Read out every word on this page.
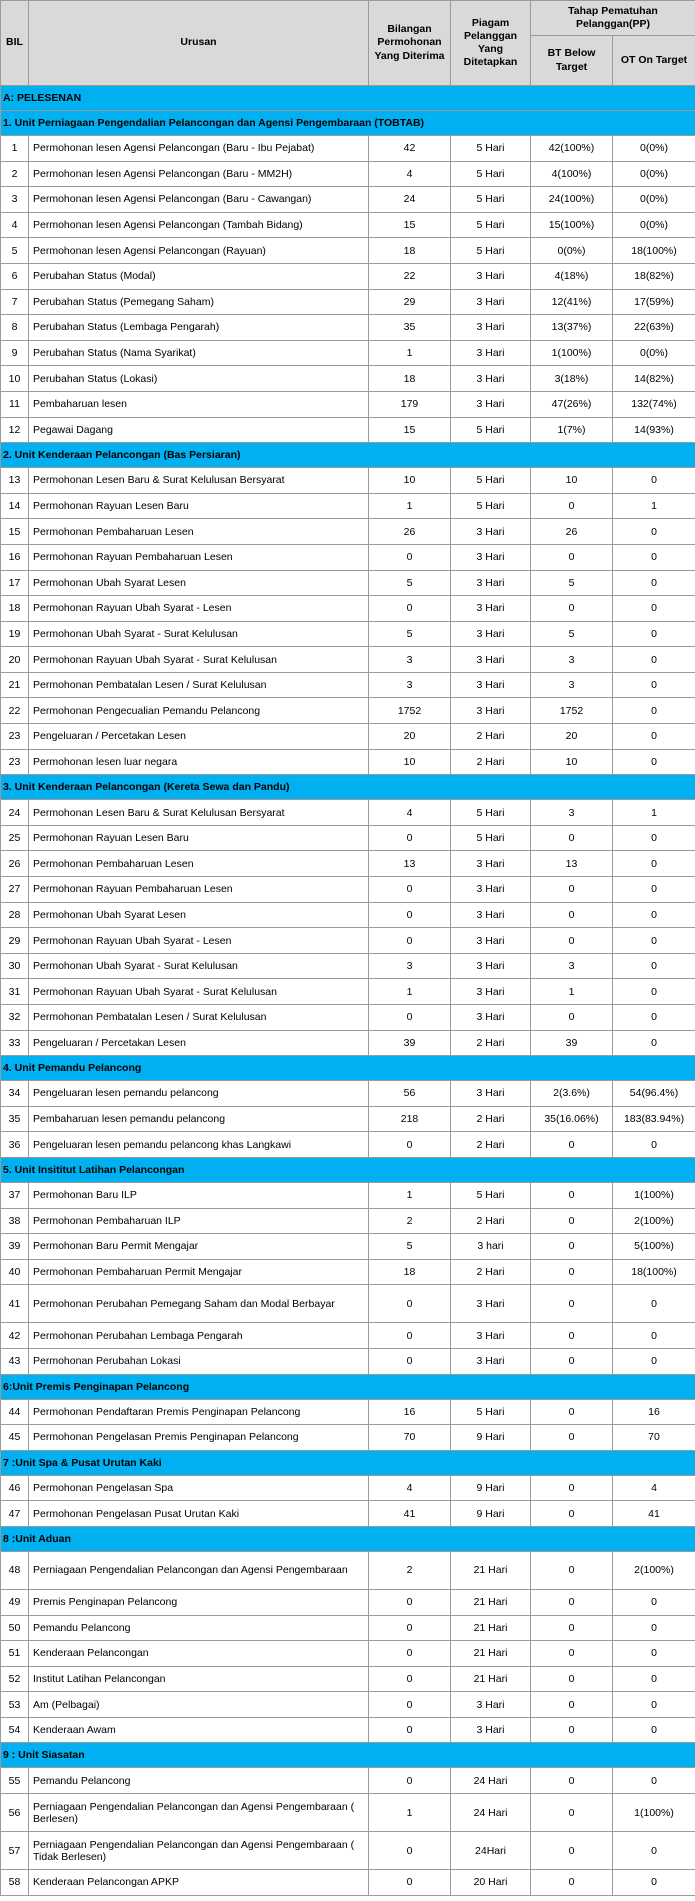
BIL	Urusan	Bilangan Permohonan Yang Diterima	Piagam Pelanggan Yang Ditetapkan	Tahap Pematuhan Pelanggan(PP)	
				BT Below Target	OT On Target
A: PELESENAN					
1. Unit Perniagaan Pengendalian Pelancongan dan Agensi Pengembaraan (TOBTAB)					
1	Permohonan lesen Agensi Pelancongan (Baru - Ibu Pejabat)	42	5 Hari	42(100%)	0(0%)
2	Permohonan lesen Agensi Pelancongan (Baru - MM2H)	4	5 Hari	4(100%)	0(0%)
3	Permohonan lesen Agensi Pelancongan (Baru - Cawangan)	24	5 Hari	24(100%)	0(0%)
4	Permohonan lesen Agensi Pelancongan (Tambah Bidang)	15	5 Hari	15(100%)	0(0%)
5	Permohonan lesen Agensi Pelancongan (Rayuan)	18	5 Hari	0(0%)	18(100%)
6	Perubahan Status (Modal)	22	3 Hari	4(18%)	18(82%)
7	Perubahan Status (Pemegang Saham)	29	3 Hari	12(41%)	17(59%)
8	Perubahan Status (Lembaga Pengarah)	35	3 Hari	13(37%)	22(63%)
9	Perubahan Status (Nama Syarikat)	1	3 Hari	1(100%)	0(0%)
10	Perubahan Status (Lokasi)	18	3 Hari	3(18%)	14(82%)
11	Pembaharuan lesen	179	3 Hari	47(26%)	132(74%)
12	Pegawai Dagang	15	5 Hari	1(7%)	14(93%)
2. Unit Kenderaan Pelancongan (Bas Persiaran)					
13	Permohonan Lesen Baru & Surat Kelulusan Bersyarat	10	5 Hari	10	0
14	Permohonan Rayuan Lesen Baru	1	5 Hari	0	1
15	Permohonan Pembaharuan Lesen	26	3 Hari	26	0
16	Permohonan Rayuan Pembaharuan Lesen	0	3 Hari	0	0
17	Permohonan Ubah Syarat Lesen	5	3 Hari	5	0
18	Permohonan Rayuan Ubah Syarat - Lesen	0	3 Hari	0	0
19	Permohonan Ubah Syarat - Surat Kelulusan	5	3 Hari	5	0
20	Permohonan Rayuan Ubah Syarat - Surat Kelulusan	3	3 Hari	3	0
21	Permohonan Pembatalan Lesen / Surat Kelulusan	3	3 Hari	3	0
22	Permohonan Pengecualian Pemandu Pelancong	1752	3 Hari	1752	0
23	Pengeluaran / Percetakan Lesen	20	2 Hari	20	0
23	Permohonan lesen luar negara	10	2 Hari	10	0
3. Unit Kenderaan Pelancongan (Kereta Sewa dan Pandu)					
24	Permohonan Lesen Baru & Surat Kelulusan Bersyarat	4	5 Hari	3	1
25	Permohonan Rayuan Lesen Baru	0	5 Hari	0	0
26	Permohonan Pembaharuan Lesen	13	3 Hari	13	0
27	Permohonan Rayuan Pembaharuan Lesen	0	3 Hari	0	0
28	Permohonan Ubah Syarat Lesen	0	3 Hari	0	0
29	Permohonan Rayuan Ubah Syarat - Lesen	0	3 Hari	0	0
30	Permohonan Ubah Syarat - Surat Kelulusan	3	3 Hari	3	0
31	Permohonan Rayuan Ubah Syarat - Surat Kelulusan	1	3 Hari	1	0
32	Permohonan Pembatalan Lesen / Surat Kelulusan	0	3 Hari	0	0
33	Pengeluaran / Percetakan Lesen	39	2 Hari	39	0
4. Unit Pemandu Pelancong					
34	Pengeluaran lesen pemandu pelancong	56	3 Hari	2(3.6%)	54(96.4%)
35	Pembaharuan lesen pemandu pelancong	218	2 Hari	35(16.06%)	183(83.94%)
36	Pengeluaran lesen pemandu pelancong khas Langkawi	0	2 Hari	0	0
5. Unit Insititut Latihan Pelancongan					
37	Permohonan Baru ILP	1	5 Hari	0	1(100%)
38	Permohonan Pembaharuan ILP	2	2 Hari	0	2(100%)
39	Permohonan Baru Permit Mengajar	5	3 hari	0	5(100%)
40	Permohonan Pembaharuan Permit Mengajar	18	2 Hari	0	18(100%)
41	Permohonan Perubahan Pemegang Saham dan Modal Berbayar	0	3 Hari	0	0
42	Permohonan Perubahan Lembaga Pengarah	0	3 Hari	0	0
43	Permohonan Perubahan Lokasi	0	3 Hari	0	0
6:Unit Premis Penginapan Pelancong					
44	Permohonan Pendaftaran Premis Penginapan Pelancong	16	5 Hari	0	16
45	Permohonan Pengelasan Premis Penginapan Pelancong	70	9 Hari	0	70
7 :Unit Spa & Pusat Urutan Kaki					
46	Permohonan Pengelasan Spa	4	9 Hari	0	4
47	Permohonan Pengelasan Pusat Urutan Kaki	41	9 Hari	0	41
8 :Unit Aduan					
48	Perniagaan Pengendalian Pelancongan dan Agensi Pengembaraan	2	21 Hari	0	2(100%)
49	Premis Penginapan Pelancong	0	21 Hari	0	0
50	Pemandu Pelancong	0	21 Hari	0	0
51	Kenderaan Pelancongan	0	21 Hari	0	0
52	Institut Latihan Pelancongan	0	21 Hari	0	0
53	Am (Pelbagai)	0	3 Hari	0	0
54	Kenderaan Awam	0	3 Hari	0	0
9 : Unit Siasatan					
55	Pemandu Pelancong	0	24 Hari	0	0
56	Perniagaan Pengendalian Pelancongan dan Agensi Pengembaraan ( Berlesen)	1	24 Hari	0	1(100%)
57	Perniagaan Pengendalian Pelancongan dan Agensi Pengembaraan ( Tidak Berlesen)	0	24Hari	0	0
58	Kenderaan Pelancongan APKP	0	20 Hari	0	0
